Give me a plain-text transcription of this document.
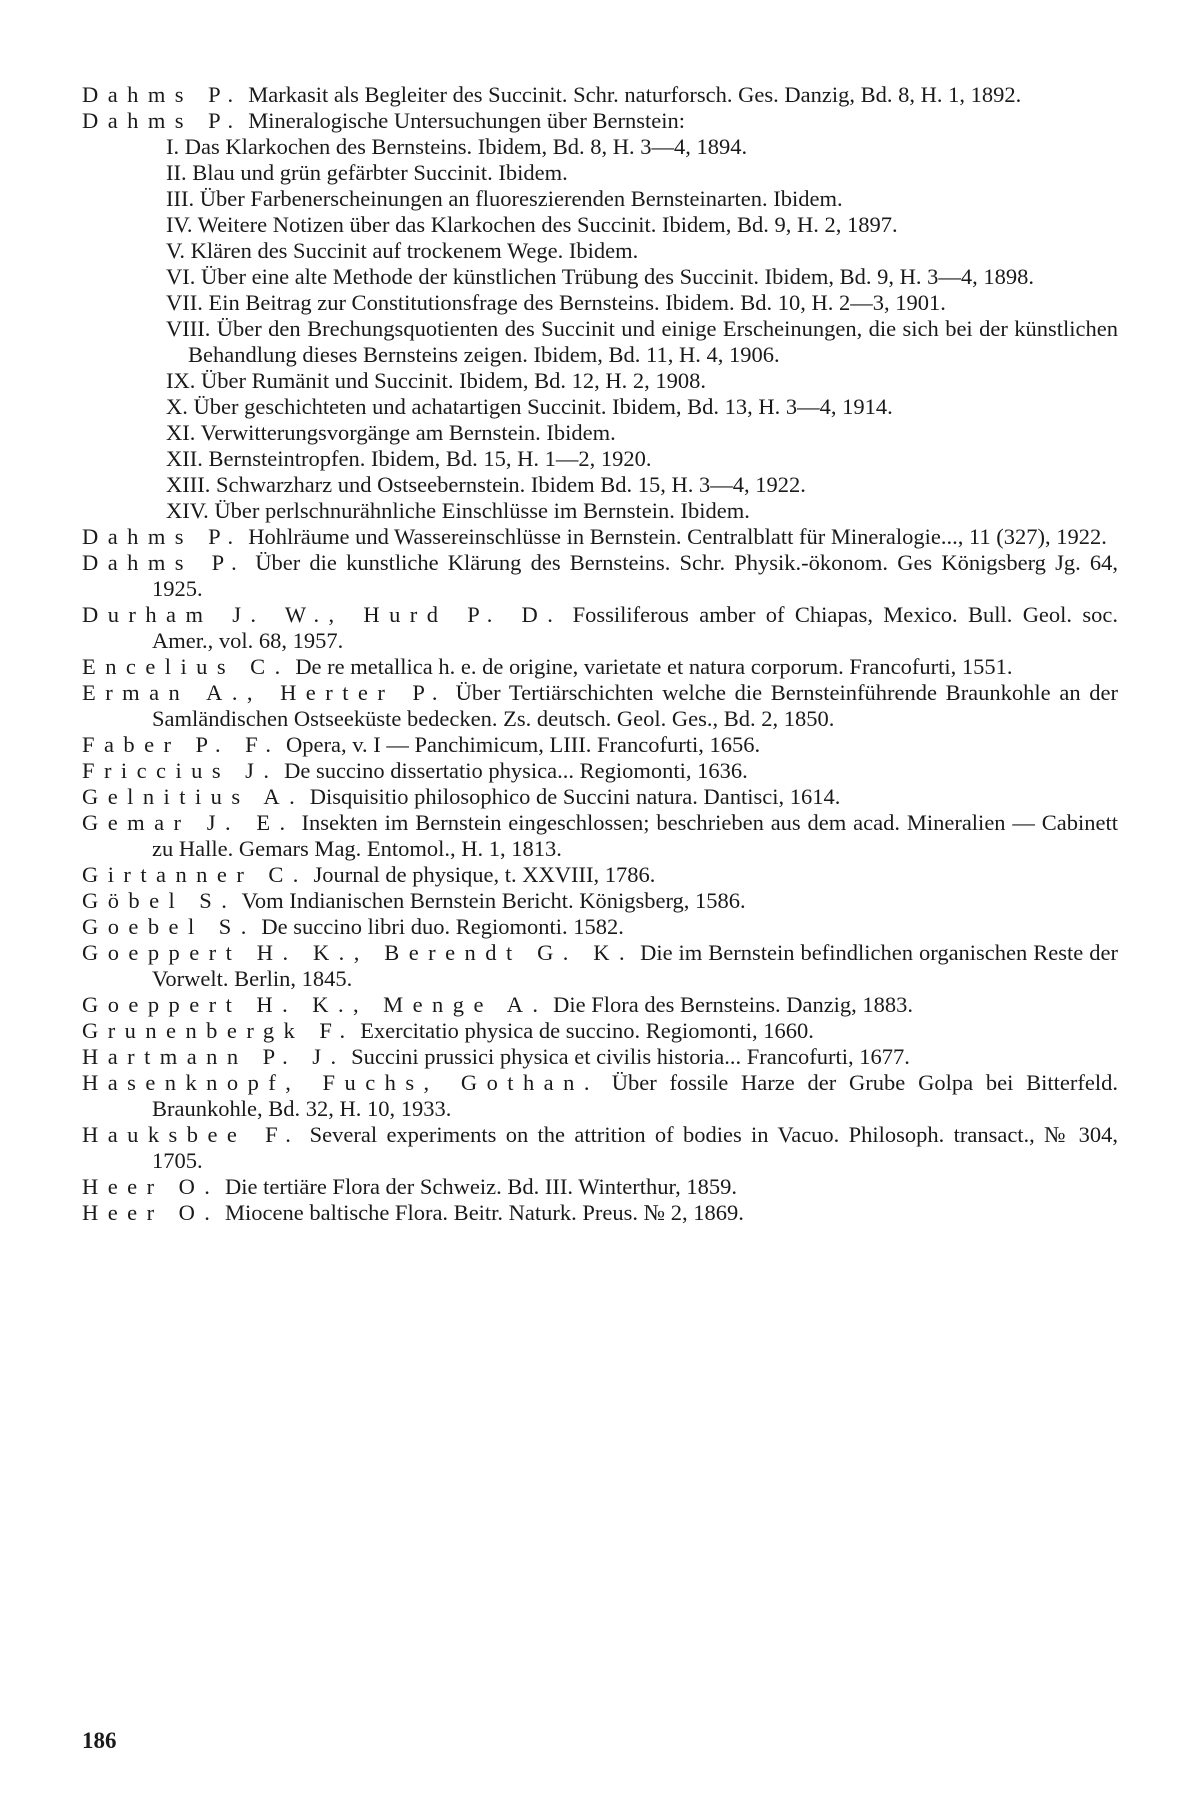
Dahms P. Markasit als Begleiter des Succinit. Schr. naturforsch. Ges. Danzig, Bd. 8, H. 1, 1892.

Dahms P. Mineralogische Untersuchungen über Bernstein:

I. Das Klarkochen des Bernsteins. Ibidem, Bd. 8, H. 3—4, 1894.

II. Blau und grün gefärbter Succinit. Ibidem.

III. Über Farbenerscheinungen an fluoreszierenden Bernsteinarten. Ibidem.

IV. Weitere Notizen über das Klarkochen des Succinit. Ibidem, Bd. 9, H. 2, 1897.

V. Klären des Succinit auf trockenem Wege. Ibidem.

VI. Über eine alte Methode der künstlichen Trübung des Succinit. Ibidem, Bd. 9, H. 3—4, 1898.

VII. Ein Beitrag zur Constitutionsfrage des Bernsteins. Ibidem. Bd. 10, H. 2—3, 1901.

VIII. Über den Brechungsquotienten des Succinit und einige Erscheinungen, die sich bei der künstlichen Behandlung dieses Bernsteins zeigen. Ibidem, Bd. 11, H. 4, 1906.

IX. Über Rumänit und Succinit. Ibidem, Bd. 12, H. 2, 1908.

X. Über geschichteten und achatartigen Succinit. Ibidem, Bd. 13, H. 3—4, 1914.

XI. Verwitterungsvorgänge am Bernstein. Ibidem.

XII. Bernsteintropfen. Ibidem, Bd. 15, H. 1—2, 1920.

XIII. Schwarzharz und Ostseebernstein. Ibidem Bd. 15, H. 3—4, 1922.

XIV. Über perlschnurähnliche Einschlüsse im Bernstein. Ibidem.

Dahms P. Hohlräume und Wassereinschlüsse in Bernstein. Centralblatt für Mineralogie..., 11 (327), 1922.

Dahms P. Über die kunstliche Klärung des Bernsteins. Schr. Physik.-ökonom. Ges Königsberg Jg. 64, 1925.

Durham J. W., Hurd P. D. Fossiliferous amber of Chiapas, Mexico. Bull. Geol. soc. Amer., vol. 68, 1957.

Encelius C. De re metallica h. e. de origine, varietate et natura corporum. Francofurti, 1551.

Erman A., Herter P. Über Tertiärschichten welche die Bernsteinführende Braunkohle an der Samländischen Ostseeküste bedecken. Zs. deutsch. Geol. Ges., Bd. 2, 1850.

Faber P. F. Opera, v. I — Panchimicum, LIII. Francofurti, 1656.

Friccius J. De succino dissertatio physica... Regiomonti, 1636.

Gelnitius A. Disquisitio philosophico de Succini natura. Dantisci, 1614.

Gemar J. E. Insekten im Bernstein eingeschlossen; beschrieben aus dem acad. Mineralien — Cabinett zu Halle. Gemars Mag. Entomol., H. 1, 1813.

Girtanner C. Journal de physique, t. XXVIII, 1786.

Göbel S. Vom Indianischen Bernstein Bericht. Königsberg, 1586.

Goebel S. De succino libri duo. Regiomonti. 1582.

Goeppert H. K., Berendt G. K. Die im Bernstein befindlichen organischen Reste der Vorwelt. Berlin, 1845.

Goeppert H. K., Menge A. Die Flora des Bernsteins. Danzig, 1883.

Grunenbergk F. Exercitatio physica de succino. Regiomonti, 1660.

Hartmann P. J. Succini prussici physica et civilis historia... Francofurti, 1677.

Hasenknopf, Fuchs, Gothan. Über fossile Harze der Grube Golpa bei Bitterfeld. Braunkohle, Bd. 32, H. 10, 1933.

Hauksbee F. Several experiments on the attrition of bodies in Vacuo. Philosoph. transact., № 304, 1705.

Heer O. Die tertiäre Flora der Schweiz. Bd. III. Winterthur, 1859.

Heer O. Miocene baltische Flora. Beitr. Naturk. Preus. № 2, 1869.

186
